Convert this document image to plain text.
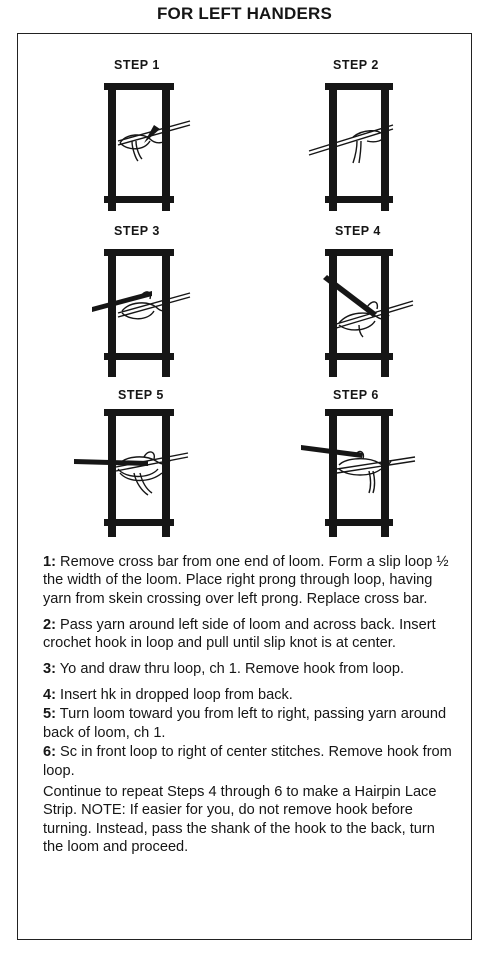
FOR LEFT HANDERS
STEP 1	STEP 2
STEP 3	STEP 4
STEP 5	STEP 6

1: Remove cross bar from one end of loom. Form a slip loop ½ the width of the loom. Place right prong through loop, having yarn from skein crossing over left prong. Replace cross bar.

2: Pass yarn around left side of loom and across back. Insert crochet hook in loop and pull until slip knot is at center.

3: Yo and draw thru loop, ch 1. Remove hook from loop.

4: Insert hk in dropped loop from back.

5: Turn loom toward you from left to right, passing yarn around back of loom, ch 1.

6: Sc in front loop to right of center stitches. Remove hook from loop.

Continue to repeat Steps 4 through 6 to make a Hairpin Lace Strip. NOTE: If easier for you, do not remove hook before turning. Instead, pass the shank of the hook to the back, turn the loom and proceed.
